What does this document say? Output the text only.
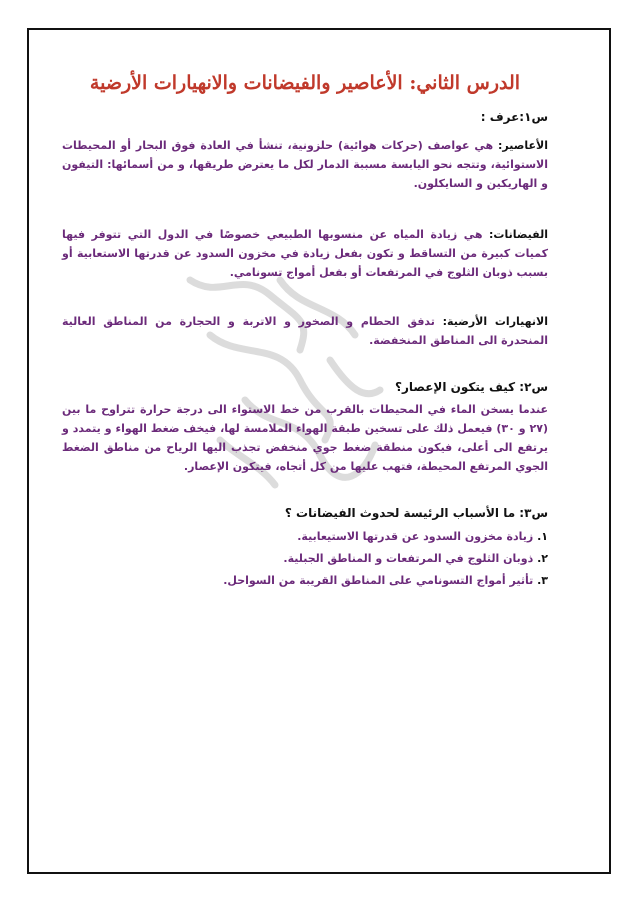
الدرس الثاني: الأعاصير والفيضانات والانهيارات الأرضية

س١:عرف :

الأعاصير: هي عواصف (حركات هوائية) حلزونية، تنشأ في العادة فوق البحار أو المحيطات الاستوائية، وتتجه نحو اليابسة مسببة الدمار لكل ما يعترض طريقها، و من أسمائها: التيفون و الهاريكين و السايكلون.

الفيضانات: هي زيادة المياه عن منسوبها الطبيعي خصوصًا في الدول التي تتوفر فيها كميات كبيرة من التساقط و تكون بفعل زيادة في مخزون السدود عن قدرتها الاستعابية أو بسبب ذوبان الثلوج في المرتفعات أو بفعل أمواج تسونامي.

الانهيارات الأرضية: تدفق الحطام و الصخور و الاتربة و الحجارة من المناطق العالية المنحدرة الى المناطق المنخفضة.

س٢: كيف يتكون الإعصار؟

عندما يسخن الماء في المحيطات بالقرب من خط الاستواء الى درجة حرارة تتراوح ما بين (٢٧ و ٣٠) فيعمل ذلك على تسخين طبقة الهواء الملامسة لها، فيخف ضغط الهواء و يتمدد و يرتفع الى أعلى، فيكون منطقة ضغط جوي منخفض تجذب اليها الرياح من مناطق الضغط الجوي المرتفع المحيطة، فتهب عليها من كل أتجاه، فيتكون الإعصار.

س٣: ما الأسباب الرئيسة لحدوث الفيضانات ؟

١. زيادة مخزون السدود عن قدرتها الاستيعابية.
٢. ذوبان الثلوج في المرتفعات و المناطق الجبلية.
٣. تأثير أمواج التسونامي على المناطق القريبة من السواحل.
